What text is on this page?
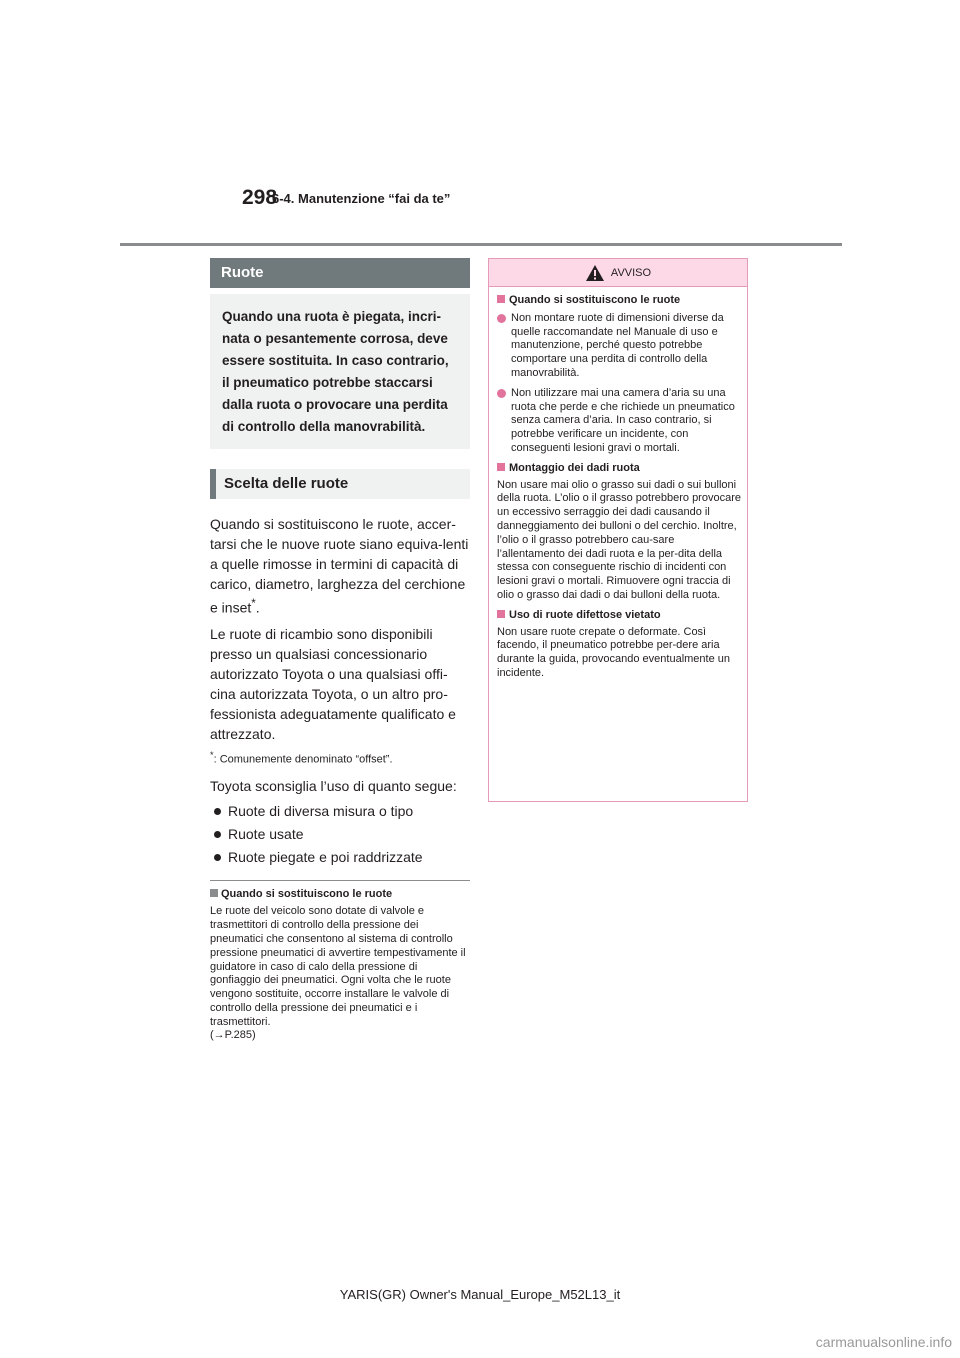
298
6-4. Manutenzione “fai da te”
Ruote
Quando una ruota è piegata, incri-nata o pesantemente corrosa, deve essere sostituita. In caso contrario, il pneumatico potrebbe staccarsi dalla ruota o provocare una perdita di controllo della manovrabilità.
Scelta delle ruote

Quando si sostituiscono le ruote, accer-tarsi che le nuove ruote siano equiva-lenti a quelle rimosse in termini di capacità di carico, diametro, larghezza del cerchione e inset*.

Le ruote di ricambio sono disponibili presso un qualsiasi concessionario autorizzato Toyota o una qualsiasi offi-cina autorizzata Toyota, o un altro pro-fessionista adeguatamente qualificato e attrezzato.

*: Comunemente denominato “offset”.

Toyota sconsiglia l’uso di quanto segue:

Ruote di diversa misura o tipo
Ruote usate
Ruote piegate e poi raddrizzate
Quando si sostituiscono le ruote
Le ruote del veicolo sono dotate di valvole e trasmettitori di controllo della pressione dei pneumatici che consentono al sistema di controllo pressione pneumatici di avvertire tempestivamente il guidatore in caso di calo della pressione di gonfiaggio dei pneumatici. Ogni volta che le ruote vengono sostituite, occorre installare le valvole di controllo della pressione dei pneumatici e i trasmettitori.
(→P.285)
AVVISO
Quando si sostituiscono le ruote
Non montare ruote di dimensioni diverse da quelle raccomandate nel Manuale di uso e manutenzione, perché questo potrebbe comportare una perdita di controllo della manovrabilità.
Non utilizzare mai una camera d’aria su una ruota che perde e che richiede un pneumatico senza camera d’aria. In caso contrario, si potrebbe verificare un incidente, con conseguenti lesioni gravi o mortali.
Montaggio dei dadi ruota
Non usare mai olio o grasso sui dadi o sui bulloni della ruota. L’olio o il grasso potrebbero provocare un eccessivo serraggio dei dadi causando il danneggiamento dei bulloni o del cerchio. Inoltre, l’olio o il grasso potrebbero cau-sare l’allentamento dei dadi ruota e la per-dita della stessa con conseguente rischio di incidenti con lesioni gravi o mortali. Rimuovere ogni traccia di olio o grasso dai dadi o dai bulloni della ruota.
Uso di ruote difettose vietato
Non usare ruote crepate o deformate. Così facendo, il pneumatico potrebbe per-dere aria durante la guida, provocando eventualmente un incidente.
YARIS(GR) Owner's Manual_Europe_M52L13_it
carmanualsonline.info
